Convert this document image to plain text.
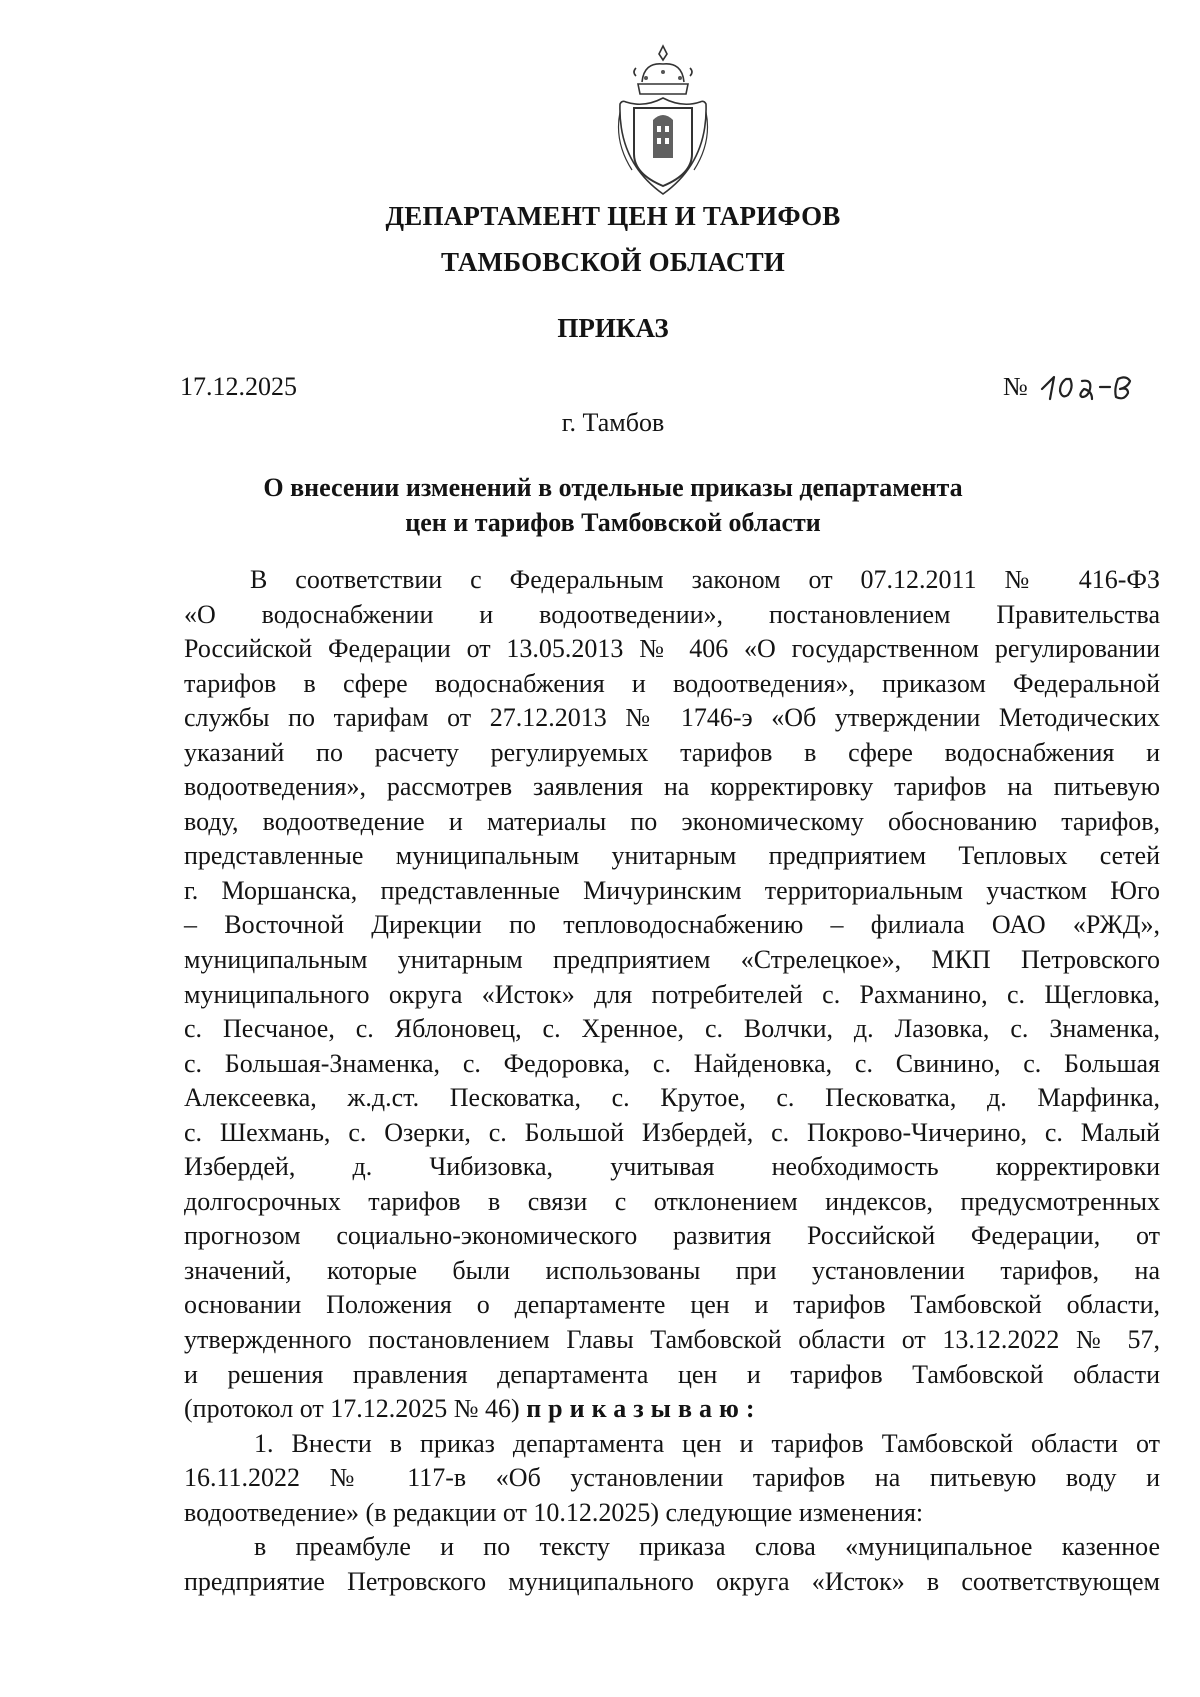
ДЕПАРТАМЕНТ ЦЕН И ТАРИФОВ
ТАМБОВСКОЙ ОБЛАСТИ
ПРИКАЗ
17.12.2025	№
г. Тамбов
О внесении изменений в отдельные приказы департамента
цен и тарифов Тамбовской области

В соответствии с Федеральным законом от 07.12.2011 № 416-ФЗ

«О водоснабжении и водоотведении», постановлением Правительства

Российской Федерации от 13.05.2013 № 406 «О государственном регулировании

тарифов в сфере водоснабжения и водоотведения», приказом Федеральной

службы по тарифам от 27.12.2013 № 1746-э «Об утверждении Методических

указаний по расчету регулируемых тарифов в сфере водоснабжения и

водоотведения», рассмотрев заявления на корректировку тарифов на питьевую

воду, водоотведение и материалы по экономическому обоснованию тарифов,

представленные муниципальным унитарным предприятием Тепловых сетей

г. Моршанска, представленные Мичуринским территориальным участком Юго

– Восточной Дирекции по тепловодоснабжению – филиала ОАО «РЖД»,

муниципальным унитарным предприятием «Стрелецкое», МКП Петровского

муниципального округа «Исток» для потребителей с. Рахманино, с. Щегловка,

с. Песчаное, с. Яблоновец, с. Хренное, с. Волчки, д. Лазовка, с. Знаменка,

с. Большая-Знаменка, с. Федоровка, с. Найденовка, с. Свинино, с. Большая

Алексеевка, ж.д.ст. Песковатка, с. Крутое, с. Песковатка, д. Марфинка,

с. Шехмань, с. Озерки, с. Большой Избердей, с. Покрово-Чичерино, с. Малый

Избердей, д. Чибизовка, учитывая необходимость корректировки

долгосрочных тарифов в связи с отклонением индексов, предусмотренных

прогнозом социально-экономического развития Российской Федерации, от

значений, которые были использованы при установлении тарифов, на

основании Положения о департаменте цен и тарифов Тамбовской области,

утвержденного постановлением Главы Тамбовской области от 13.12.2022 № 57,

и решения правления департамента цен и тарифов Тамбовской области

(протокол от 17.12.2025 № 46) приказываю:

1. Внести в приказ департамента цен и тарифов Тамбовской области от

16.11.2022 № 117-в «Об установлении тарифов на питьевую воду и

водоотведение» (в редакции от 10.12.2025) следующие изменения:

в преамбуле и по тексту приказа слова «муниципальное казенное

предприятие Петровского муниципального округа «Исток» в соответствующем
